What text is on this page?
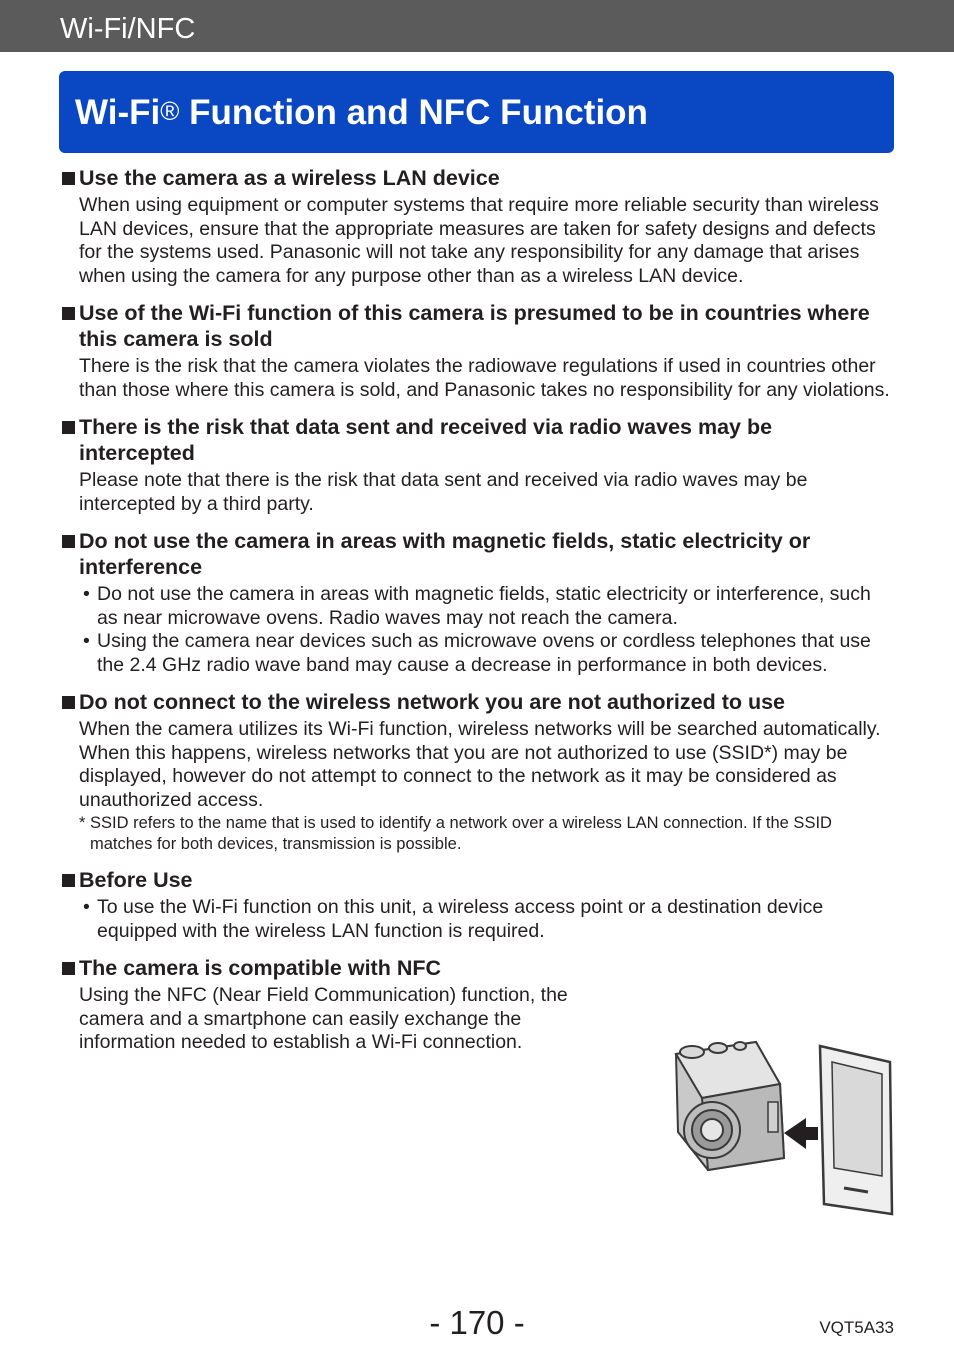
Wi-Fi/NFC
Wi-Fi® Function and NFC Function
Use the camera as a wireless LAN device
When using equipment or computer systems that require more reliable security than wireless LAN devices, ensure that the appropriate measures are taken for safety designs and defects for the systems used. Panasonic will not take any responsibility for any damage that arises when using the camera for any purpose other than as a wireless LAN device.
Use of the Wi-Fi function of this camera is presumed to be in countries where this camera is sold
There is the risk that the camera violates the radiowave regulations if used in countries other than those where this camera is sold, and Panasonic takes no responsibility for any violations.
There is the risk that data sent and received via radio waves may be intercepted
Please note that there is the risk that data sent and received via radio waves may be intercepted by a third party.
Do not use the camera in areas with magnetic fields, static electricity or interference
• Do not use the camera in areas with magnetic fields, static electricity or interference, such as near microwave ovens. Radio waves may not reach the camera.
• Using the camera near devices such as microwave ovens or cordless telephones that use the 2.4 GHz radio wave band may cause a decrease in performance in both devices.
Do not connect to the wireless network you are not authorized to use
When the camera utilizes its Wi-Fi function, wireless networks will be searched automatically. When this happens, wireless networks that you are not authorized to use (SSID*) may be displayed, however do not attempt to connect to the network as it may be considered as unauthorized access.
* SSID refers to the name that is used to identify a network over a wireless LAN connection. If the SSID matches for both devices, transmission is possible.
Before Use
• To use the Wi-Fi function on this unit, a wireless access point or a destination device equipped with the wireless LAN function is required.
The camera is compatible with NFC
Using the NFC (Near Field Communication) function, the camera and a smartphone can easily exchange the information needed to establish a Wi-Fi connection.
- 170 -	VQT5A33
